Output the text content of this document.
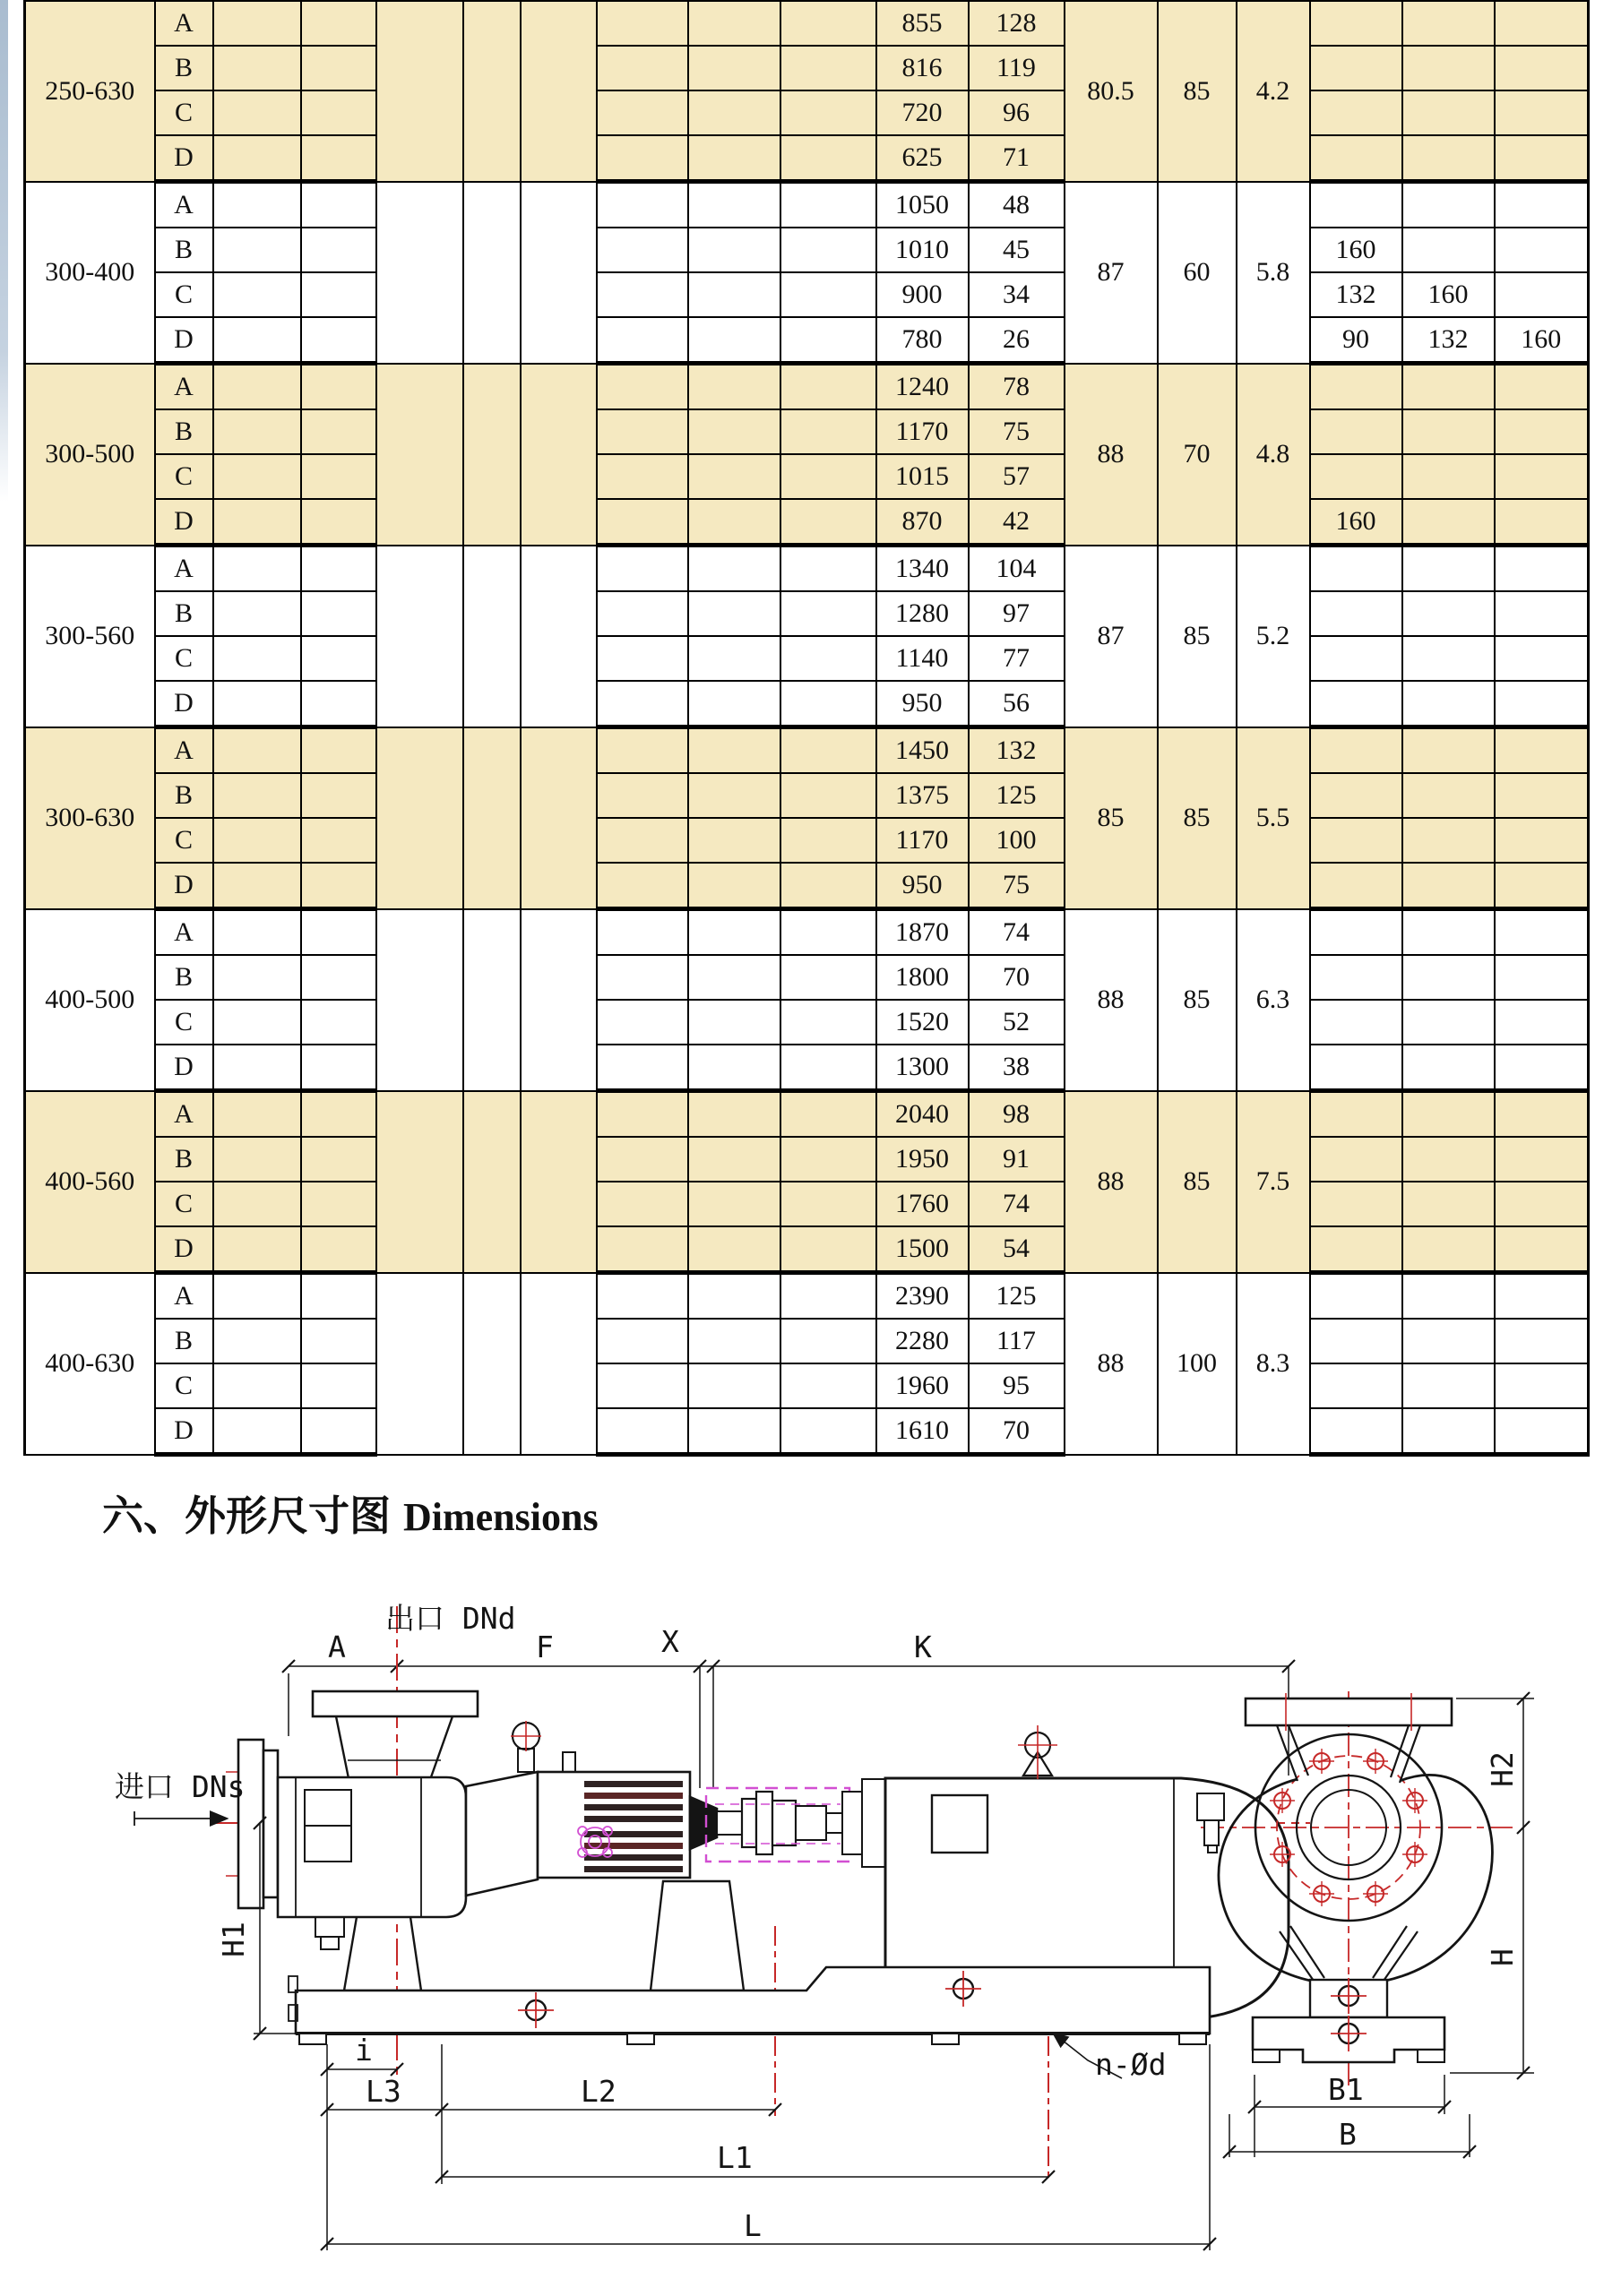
250-630	A									855	128	80.5	85	4.2			
	B									816	119						
	C									720	96						
	D									625	71						
300-400	A									1050	48	87	60	5.8			
	B									1010	45				160		
	C									900	34				132	160	
	D									780	26				90	132	160
300-500	A									1240	78	88	70	4.8			
	B									1170	75						
	C									1015	57						
	D									870	42				160		
300-560	A									1340	104	87	85	5.2			
	B									1280	97						
	C									1140	77						
	D									950	56						
300-630	A									1450	132	85	85	5.5			
	B									1375	125						
	C									1170	100						
	D									950	75						
400-500	A									1870	74	88	85	6.3			
	B									1800	70						
	C									1520	52						
	D									1300	38						
400-560	A									2040	98	88	85	7.5			
	B									1950	91						
	C									1760	74						
	D									1500	54						
400-630	A									2390	125	88	100	8.3			
	B									2280	117						
	C									1960	95						
	D									1610	70						
六、外形尺寸图 Dimensions
出口 DNd
A	F	X	K
进口 DNs
H1
i
L3	L2
L1
L
n-Ød
H2
H
B1
B
